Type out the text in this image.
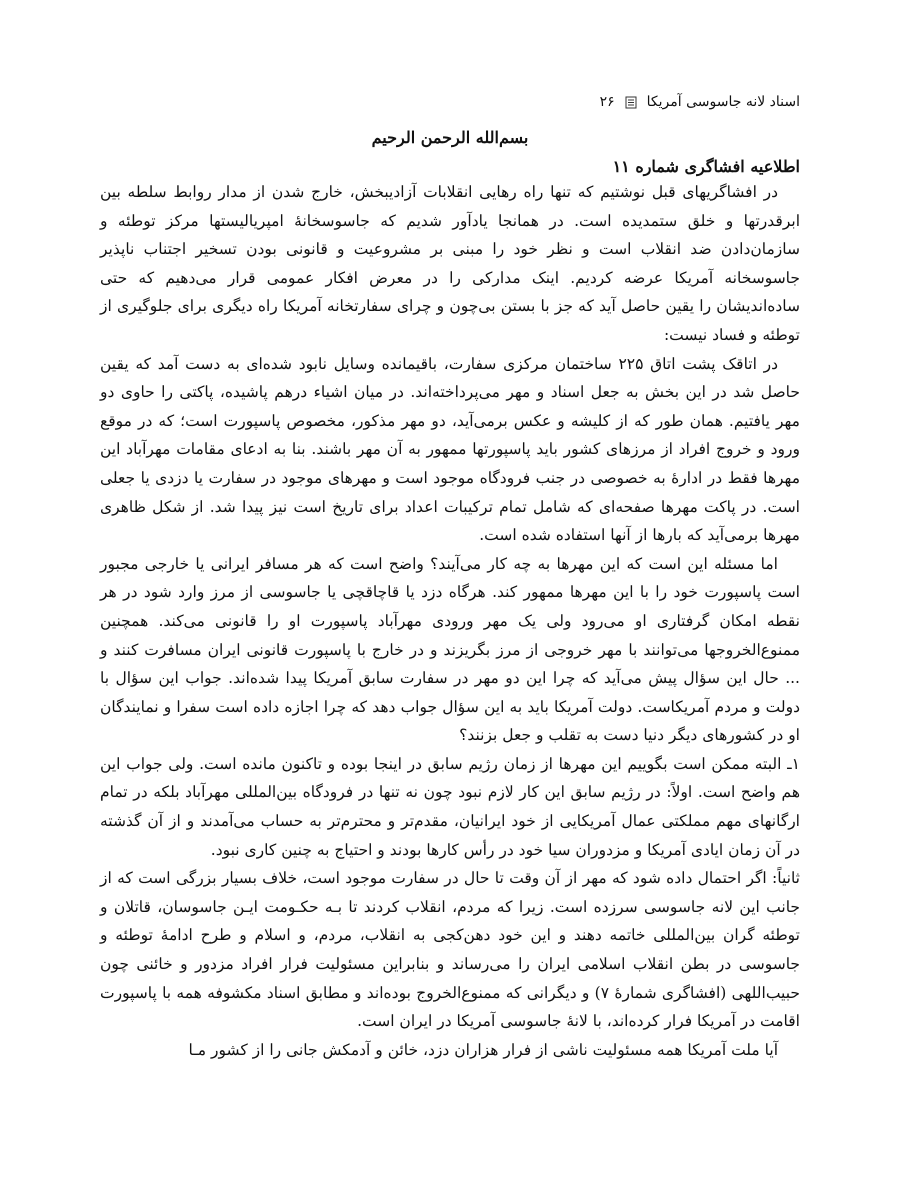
اسناد لانه جاسوسی آمریکا
۲۶
بسم‌الله الرحمن الرحیم
اطلاعیه افشاگری شماره ۱۱

در افشاگریهای قبل نوشتیم که تنها راه رهایی انقلابات آزادیبخش، خارج شدن از مدار روابط سلطه بین ابرقدرتها و خلق ستمدیده است. در همانجا یادآور شدیم که جاسوسخانهٔ امپریالیستها مرکز توطئه و سازمان‌دادن ضد انقلاب است و نظر خود را مبنی بر مشروعیت و قانونی بودن تسخیر اجتناب ناپذیر جاسوسخانه آمریکا عرضه کردیم. اینک مدارکی را در معرض افکار عمومی قرار می‌دهیم که حتی ساده‌اندیشان را یقین حاصل آید که جز با بستن بی‌چون و چرای سفارتخانه آمریکا راه دیگری برای جلوگیری از توطئه و فساد نیست:

در اتاقک پشت اتاق ۲۲۵ ساختمان مرکزی سفارت، باقیمانده وسایل نابود شده‌ای به دست آمد که یقین حاصل شد در این بخش به جعل اسناد و مهر می‌پرداخته‌اند. در میان اشیاء درهم پاشیده، پاکتی را حاوی دو مهر یافتیم. همان طور که از کلیشه و عکس برمی‌آید، دو مهر مذکور، مخصوص پاسپورت است؛ که در موقع ورود و خروج افراد از مرزهای کشور باید پاسپورتها ممهور به آن مهر باشند. بنا به ادعای مقامات مهرآباد این مهرها فقط در ادارهٔ به خصوصی در جنب فرودگاه موجود است و مهرهای موجود در سفارت یا دزدی یا جعلی است. در پاکت مهرها صفحه‌ای که شامل تمام ترکیبات اعداد برای تاریخ است نیز پیدا شد. از شکل ظاهری مهرها برمی‌آید که بارها از آنها استفاده شده است.

اما مسئله این است که این مهرها به چه کار می‌آیند؟ واضح است که هر مسافر ایرانی یا خارجی مجبور است پاسپورت خود را با این مهرها ممهور کند. هرگاه دزد یا قاچاقچی یا جاسوسی از مرز وارد شود در هر نقطه امکان گرفتاری او می‌رود ولی یک مهر ورودی مهرآباد پاسپورت او را قانونی می‌کند. همچنین ممنوع‌الخروجها می‌توانند با مهر خروجی از مرز بگریزند و در خارج با پاسپورت قانونی ایران مسافرت کنند و ... حال این سؤال پیش می‌آید که چرا این دو مهر در سفارت سابق آمریکا پیدا شده‌اند. جواب این سؤال با دولت و مردم آمریکاست. دولت آمریکا باید به این سؤال جواب دهد که چرا اجازه داده است سفرا و نمایندگان او در کشورهای دیگر دنیا دست به تقلب و جعل بزنند؟

۱ـ البته ممکن است بگوییم این مهرها از زمان رژیم سابق در اینجا بوده و تاکنون مانده است. ولی جواب این هم واضح است. اولاً: در رژیم سابق این کار لازم نبود چون نه تنها در فرودگاه بین‌المللی مهرآباد بلکه در تمام ارگانهای مهم مملکتی عمال آمریکایی از خود ایرانیان، مقدم‌تر و محترم‌تر به حساب می‌آمدند و از آن گذشته در آن زمان ایادی آمریکا و مزدوران سیا خود در رأس کارها بودند و احتیاج به چنین کاری نبود.

ثانیاً: اگر احتمال داده شود که مهر از آن وقت تا حال در سفارت موجود است، خلاف بسیار بزرگی است که از جانب این لانه جاسوسی سرزده است. زیرا که مردم، انقلاب کردند تا بـه حکـومت ایـن جاسوسان، قاتلان و توطئه گران بین‌المللی خاتمه دهند و این خود دهن‌کجی به انقلاب، مردم، و اسلام و طرح ادامهٔ توطئه و جاسوسی در بطن انقلاب اسلامی ایران را می‌رساند و بنابراین مسئولیت فرار افراد مزدور و خائنی چون حبیب‌اللهی (افشاگری شمارهٔ ۷) و دیگرانی که ممنوع‌الخروج بوده‌اند و مطابق اسناد مکشوفه همه با پاسپورت اقامت در آمریکا فرار کرده‌اند، با لانهٔ جاسوسی آمریکا در ایران است.

آیا ملت آمریکا همه مسئولیت ناشی از فرار هزاران دزد، خائن و آدمکش جانی را از کشور مـا
